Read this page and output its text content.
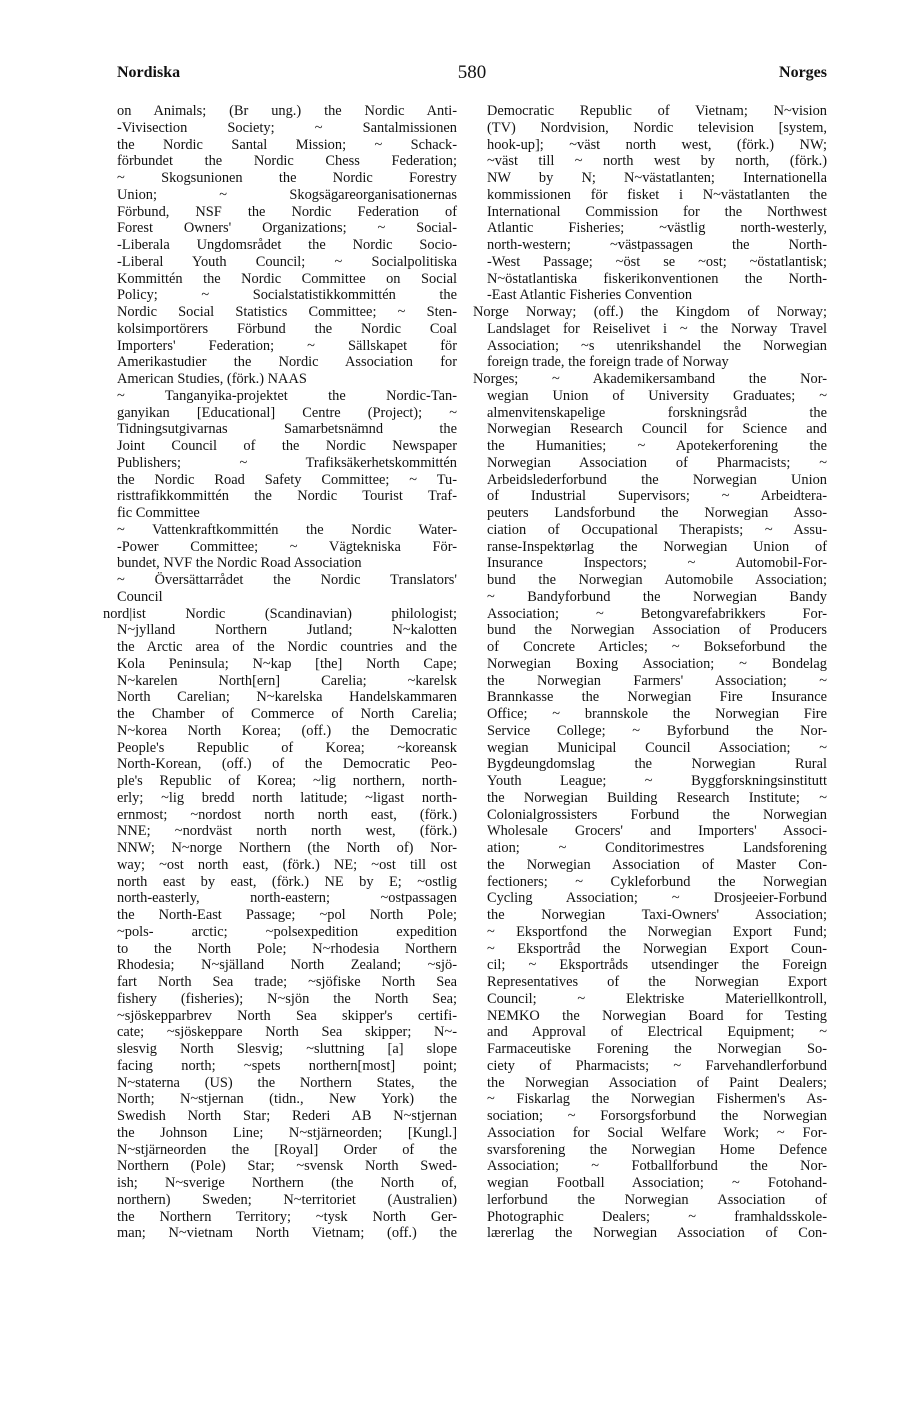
Nordiska	580	Norges
on Animals; (Br ung.) the Nordic Anti-
-Vivisection Society; ~ Santalmissionen
the Nordic Santal Mission; ~ Schack-
förbundet the Nordic Chess Federation;
~ Skogsunionen the Nordic Forestry
Union; ~ Skogsägareorganisationernas
Förbund, NSF the Nordic Federation of
Forest Owners' Organizations; ~ Social-
-Liberala Ungdomsrådet the Nordic Socio-
-Liberal Youth Council; ~ Socialpolitiska
Kommittén the Nordic Committee on Social
Policy; ~ Socialstatistikkommittén the
Nordic Social Statistics Committee; ~ Sten-
kolsimportörers Förbund the Nordic Coal
Importers' Federation; ~ Sällskapet för
Amerikastudier the Nordic Association for
American Studies, (förk.) NAAS
~ Tanganyika-projektet the Nordic-Tan-
ganyikan [Educational] Centre (Project); ~
Tidningsutgivarnas Samarbetsnämnd the
Joint Council of the Nordic Newspaper
Publishers; ~ Trafiksäkerhetskommittén
the Nordic Road Safety Committee; ~ Tu-
risttrafikkommittén the Nordic Tourist Traf-
fic Committee
~ Vattenkraftkommittén the Nordic Water-
-Power Committee; ~ Vägtekniska För-
bundet, NVF the Nordic Road Association
~ Översättarrådet the Nordic Translators'
Council
nord|ist Nordic (Scandinavian) philologist;
N~jylland Northern Jutland; N~kalotten
the Arctic area of the Nordic countries and the
Kola Peninsula; N~kap [the] North Cape;
N~karelen North[ern] Carelia; ~karelsk
North Carelian; N~karelska Handelskammaren
the Chamber of Commerce of North Carelia;
N~korea North Korea; (off.) the Democratic
People's Republic of Korea; ~koreansk
North-Korean, (off.) of the Democratic Peo-
ple's Republic of Korea; ~lig northern, north-
erly; ~lig bredd north latitude; ~ligast north-
ernmost; ~nordost north north east, (förk.)
NNE; ~nordväst north north west, (förk.)
NNW; N~norge Northern (the North of) Nor-
way; ~ost north east, (förk.) NE; ~ost till ost
north east by east, (förk.) NE by E; ~ostlig
north-easterly, north-eastern; ~ostpassagen
the North-East Passage; ~pol North Pole;
~pols- arctic; ~polsexpedition expedition
to the North Pole; N~rhodesia Northern
Rhodesia; N~själland North Zealand; ~sjö-
fart North Sea trade; ~sjöfiske North Sea
fishery (fisheries); N~sjön the North Sea;
~sjöskepparbrev North Sea skipper's certifi-
cate; ~sjöskeppare North Sea skipper; N~-
slesvig North Slesvig; ~sluttning [a] slope
facing north; ~spets northern[most] point;
N~staterna (US) the Northern States, the
North; N~stjernan (tidn., New York) the
Swedish North Star; Rederi AB N~stjernan
the Johnson Line; N~stjärneorden; [Kungl.]
N~stjärneorden the [Royal] Order of the
Northern (Pole) Star; ~svensk North Swed-
ish; N~sverige Northern (the North of,
northern) Sweden; N~territoriet (Australien)
the Northern Territory; ~tysk North Ger-
man; N~vietnam North Vietnam; (off.) the
Democratic Republic of Vietnam; N~vision
(TV) Nordvision, Nordic television [system,
hook-up]; ~väst north west, (förk.) NW;
~väst till ~ north west by north, (förk.)
NW by N; N~västatlanten; Internationella
kommissionen för fisket i N~västatlanten the
International Commission for the Northwest
Atlantic Fisheries; ~västlig north-westerly,
north-western; ~västpassagen the North-
-West Passage; ~öst se ~ost; ~östatlantisk;
N~östatlantiska fiskerikonventionen the North-
-East Atlantic Fisheries Convention
Norge Norway; (off.) the Kingdom of Norway;
Landslaget for Reiselivet i ~ the Norway Travel
Association; ~s utenrikshandel the Norwegian
foreign trade, the foreign trade of Norway
Norges; ~ Akademikersamband the Nor-
wegian Union of University Graduates; ~
almenvitenskapelige forskningsråd the
Norwegian Research Council for Science and
the Humanities; ~ Apotekerforening the
Norwegian Association of Pharmacists; ~
Arbeidslederforbund the Norwegian Union
of Industrial Supervisors; ~ Arbeidtera-
peuters Landsforbund the Norwegian Asso-
ciation of Occupational Therapists; ~ Assu-
ranse-Inspektørlag the Norwegian Union of
Insurance Inspectors; ~ Automobil-For-
bund the Norwegian Automobile Association;
~ Bandyforbund the Norwegian Bandy
Association; ~ Betongvarefabrikkers For-
bund the Norwegian Association of Producers
of Concrete Articles; ~ Bokseforbund the
Norwegian Boxing Association; ~ Bondelag
the Norwegian Farmers' Association; ~
Brannkasse the Norwegian Fire Insurance
Office; ~ brannskole the Norwegian Fire
Service College; ~ Byforbund the Nor-
wegian Municipal Council Association; ~
Bygdeungdomslag the Norwegian Rural
Youth League; ~ Byggforskningsinstitutt
the Norwegian Building Research Institute; ~
Colonialgrossisters Forbund the Norwegian
Wholesale Grocers' and Importers' Associ-
ation; ~ Conditorimestres Landsforening
the Norwegian Association of Master Con-
fectioners; ~ Cykleforbund the Norwegian
Cycling Association; ~ Drosjeeier-Forbund
the Norwegian Taxi-Owners' Association;
~ Eksportfond the Norwegian Export Fund;
~ Eksportråd the Norwegian Export Coun-
cil; ~ Eksportråds utsendinger the Foreign
Representatives of the Norwegian Export
Council; ~ Elektriske Materiellkontroll,
NEMKO the Norwegian Board for Testing
and Approval of Electrical Equipment; ~
Farmaceutiske Forening the Norwegian So-
ciety of Pharmacists; ~ Farvehandlerforbund
the Norwegian Association of Paint Dealers;
~ Fiskarlag the Norwegian Fishermen's As-
sociation; ~ Forsorgsforbund the Norwegian
Association for Social Welfare Work; ~ For-
svarsforening the Norwegian Home Defence
Association; ~ Fotballforbund the Nor-
wegian Football Association; ~ Fotohand-
lerforbund the Norwegian Association of
Photographic Dealers; ~ framhaldsskole-
lærerlag the Norwegian Association of Con-
